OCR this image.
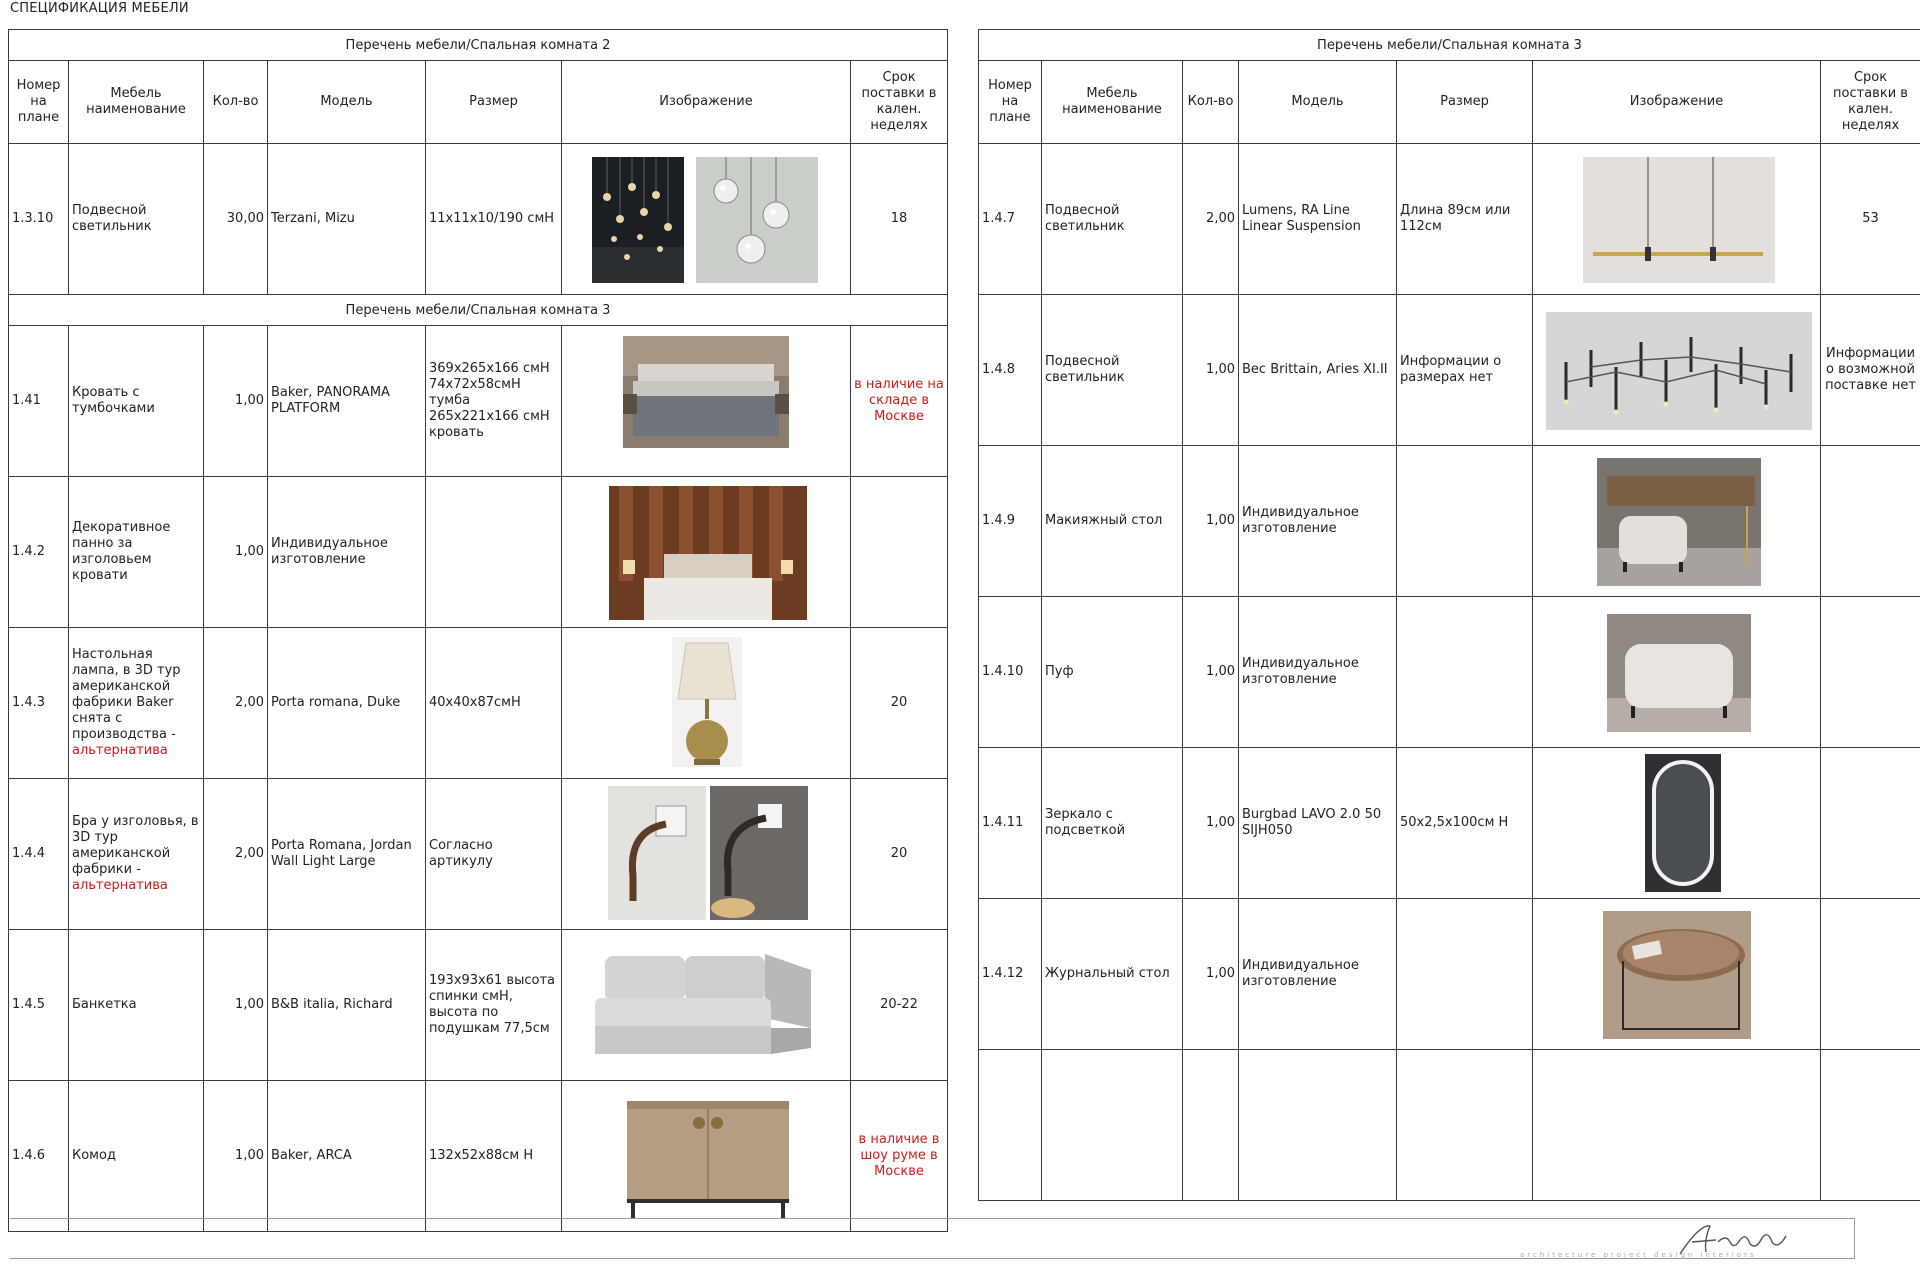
СПЕЦИФИКАЦИЯ МЕБЕЛИ
Перечень мебели/Спальная комната 2						
Номер на плане	Мебель наименование	Кол-во	Модель	Размер	Изображение	Срок поставки в кален. неделях
1.3.10	Подвесной светильник	30,00	Terzani, Mizu	11x11x10/190 смН		18
Перечень мебели/Спальная комната 3						
1.41	Кровать с тумбочками	1,00	Baker, PANORAMA PLATFORM	369x265x166 смН 74x72x58смН тумба 265x221x166 смН кровать		в наличие на складе в Москве
1.4.2	Декоративное панно за изголовьем кровати	1,00	Индивидуальное изготовление		

1.4.3	Настольная лампа, в 3D тур американской фабрики Baker снята с производства - альтернатива	2,00	Porta romana, Duke	40x40x87смН		20
1.4.4	Бра у изголовья, в 3D тур американской фабрики - альтернатива	2,00	Porta Romana, Jordan Wall Light Large	Согласно артикулу		20
1.4.5	Банкетка	1,00	B&B italia, Richard	193x93x61 высота спинки смН, высота по подушкам 77,5см		20-22
1.4.6	Комод	1,00	Baker, ARCA	132x52x88см Н		в наличие в шоу руме в Москве
Перечень мебели/Спальная комната 3						
Номер на плане	Мебель наименование	Кол-во	Модель	Размер	Изображение	Срок поставки в кален. неделях
1.4.7	Подвесной светильник	2,00	Lumens, RA Line Linear Suspension	Длина 89см или 112см		53
1.4.8	Подвесной светильник	1,00	Bec Brittain, Aries XI.II	Информации о размерах нет		Информации о возможной поставке нет
1.4.9	Макияжный стол	1,00	Индивидуальное изготовление		

1.4.10	Пуф	1,00	Индивидуальное изготовление		

1.4.11	Зеркало с подсветкой	1,00	Burgbad LAVO 2.0 50 SIJH050	50x2,5x100см Н	

1.4.12	Журнальный стол	1,00	Индивидуальное изготовление		

architecture project design interiors
